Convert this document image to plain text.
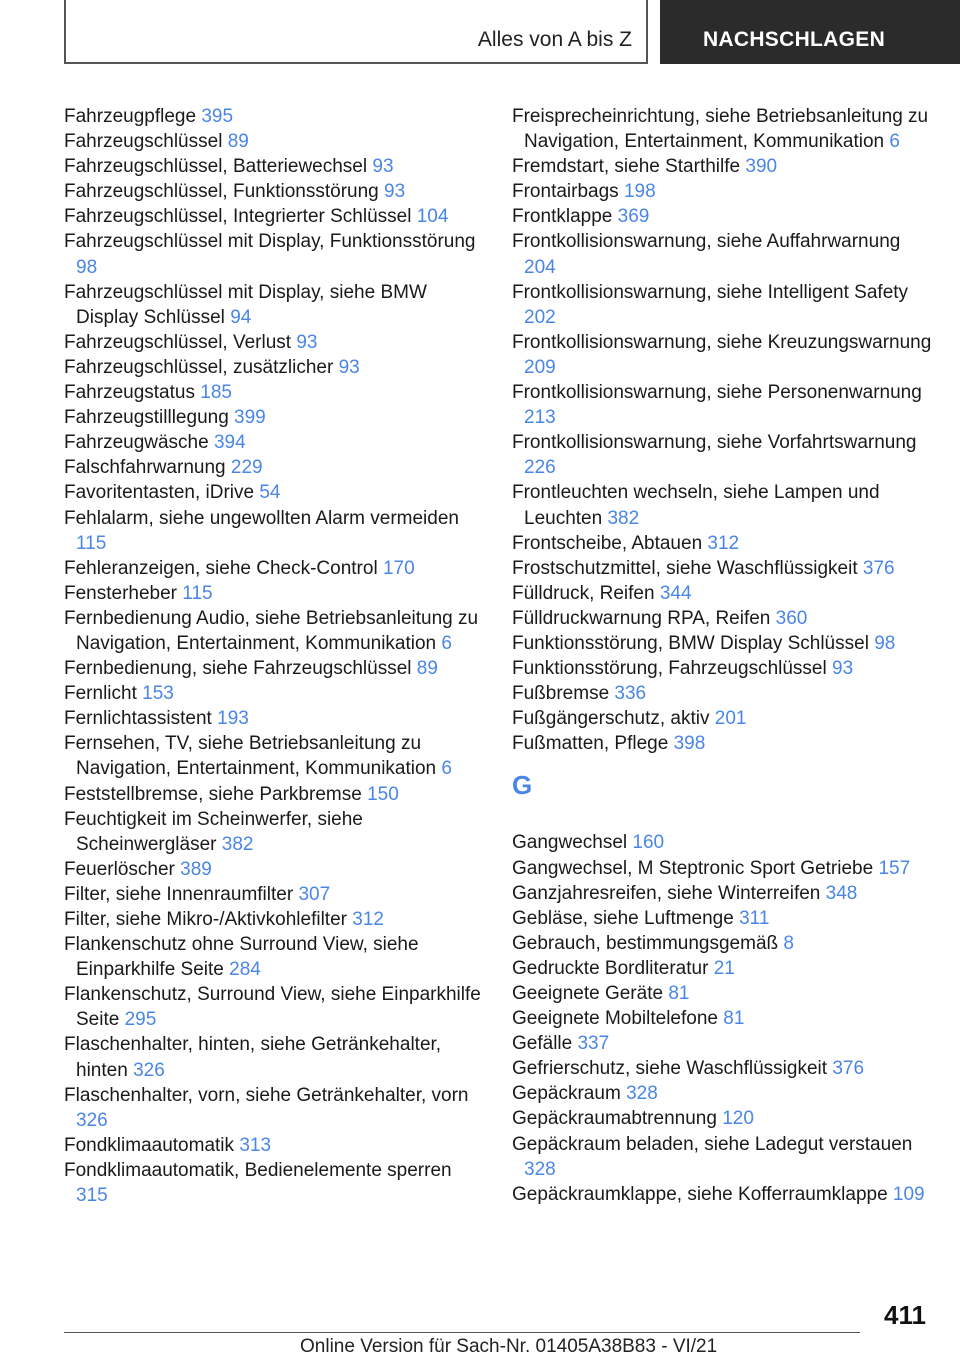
Alles von A bis Z	NACHSCHLAGEN
Fahrzeugpflege 395
Fahrzeugschlüssel 89
Fahrzeugschlüssel, Batteriewechsel 93
Fahrzeugschlüssel, Funktionsstörung 93
Fahrzeugschlüssel, Integrierter Schlüssel 104
Fahrzeugschlüssel mit Display, Funktionsstörung 98
Fahrzeugschlüssel mit Display, siehe BMW Display Schlüssel 94
Fahrzeugschlüssel, Verlust 93
Fahrzeugschlüssel, zusätzlicher 93
Fahrzeugstatus 185
Fahrzeugstilllegung 399
Fahrzeugwäsche 394
Falschfahrwarnung 229
Favoritentasten, iDrive 54
Fehlalarm, siehe ungewollten Alarm vermeiden 115
Fehleranzeigen, siehe Check-Control 170
Fensterheber 115
Fernbedienung Audio, siehe Betriebsanleitung zu Navigation, Entertainment, Kommunikation 6
Fernbedienung, siehe Fahrzeugschlüssel 89
Fernlicht 153
Fernlichtassistent 193
Fernsehen, TV, siehe Betriebsanleitung zu Navigation, Entertainment, Kommunikation 6
Feststellbremse, siehe Parkbremse 150
Feuchtigkeit im Scheinwerfer, siehe Scheinwergläser 382
Feuerlöscher 389
Filter, siehe Innenraumfilter 307
Filter, siehe Mikro-/Aktivkohlefilter 312
Flankenschutz ohne Surround View, siehe Einparkhilfe Seite 284
Flankenschutz, Surround View, siehe Einparkhilfe Seite 295
Flaschenhalter, hinten, siehe Getränkehalter, hinten 326
Flaschenhalter, vorn, siehe Getränkehalter, vorn 326
Fondklimaautomatik 313
Fondklimaautomatik, Bedienelemente sperren 315
Freisprecheinrichtung, siehe Betriebsanleitung zu Navigation, Entertainment, Kommunikation 6
Fremdstart, siehe Starthilfe 390
Frontairbags 198
Frontklappe 369
Frontkollisionswarnung, siehe Auffahrwarnung 204
Frontkollisionswarnung, siehe Intelligent Safety 202
Frontkollisionswarnung, siehe Kreuzungswarnung 209
Frontkollisionswarnung, siehe Personenwarnung 213
Frontkollisionswarnung, siehe Vorfahrtswarnung 226
Frontleuchten wechseln, siehe Lampen und Leuchten 382
Frontscheibe, Abtauen 312
Frostschutzmittel, siehe Waschflüssigkeit 376
Fülldruck, Reifen 344
Fülldruckwarnung RPA, Reifen 360
Funktionsstörung, BMW Display Schlüssel 98
Funktionsstörung, Fahrzeugschlüssel 93
Fußbremse 336
Fußgängerschutz, aktiv 201
Fußmatten, Pflege 398
G
Gangwechsel 160
Gangwechsel, M Steptronic Sport Getriebe 157
Ganzjahresreifen, siehe Winterreifen 348
Gebläse, siehe Luftmenge 311
Gebrauch, bestimmungsgemäß 8
Gedruckte Bordliteratur 21
Geeignete Geräte 81
Geeignete Mobiltelefone 81
Gefälle 337
Gefrierschutz, siehe Waschflüssigkeit 376
Gepäckraum 328
Gepäckraumabtrennung 120
Gepäckraum beladen, siehe Ladegut verstauen 328
Gepäckraumklappe, siehe Kofferraumklappe 109
411
Online Version für Sach-Nr. 01405A38B83 - VI/21
